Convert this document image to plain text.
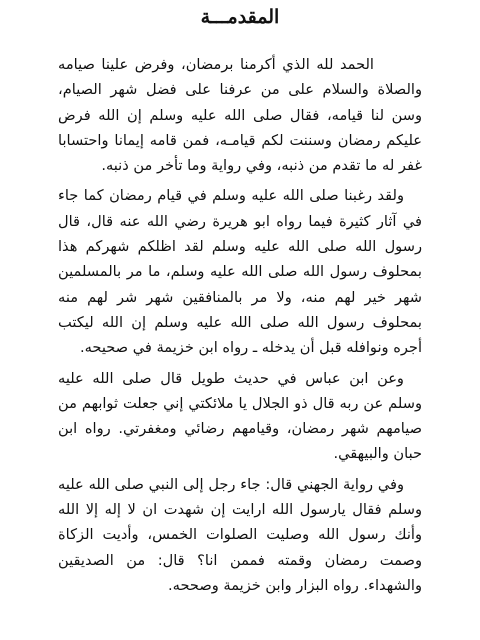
المقدمـــة

الحمد لله الذي أكرمنا برمضان، وفرض علينا صيامه والصلاة والسلام على من عرفنا على فضل شهر الصيام، وسن لنا قيامه، فقال صلى الله عليه وسلم إن الله فرض عليكم رمضان وسننت لكم قيامـه، فمن قامه إيمانا واحتسابا غفر له ما تقدم من ذنبه، وفي رواية وما تأخر من ذنبه.

ولقد رغبنا صلى الله عليه وسلم في قيام رمضان كما جاء في آثار كثيرة فيما رواه ابو هريرة رضي الله عنه قال، قال رسول الله صلى الله عليه وسلم لقد اظلكم شهركم هذا بمحلوف رسول الله صلى الله عليه وسلم، ما مر بالمسلمين شهر خير لهم منه، ولا مر بالمنافقين شهر شر لهم منه بمحلوف رسول الله صلى الله عليه وسلم إن الله ليكتب أجره ونوافله قبل أن يدخله ـ رواه ابن خزيمة في صحيحه.

وعن ابن عباس في حديث طويل قال صلى الله عليه وسلم عن ربه قال ذو الجلال يا ملائكتي إني جعلت ثوابهم من صيامهم شهر رمضان، وقيامهم رضائي ومغفرتي. رواه ابن حبان والبيهقي.

وفي رواية الجهني قال: جاء رجل إلى النبي صلى الله عليه وسلم فقال يارسول الله ارايت إن شهدت ان لا إله إلا الله وأنك رسول الله وصليت الصلوات الخمس، وأديت الزكاة وصمت رمضان وقمته فممن انا؟ قال: من الصديقين والشهداء. رواه البزار وابن خزيمة وصححه.
